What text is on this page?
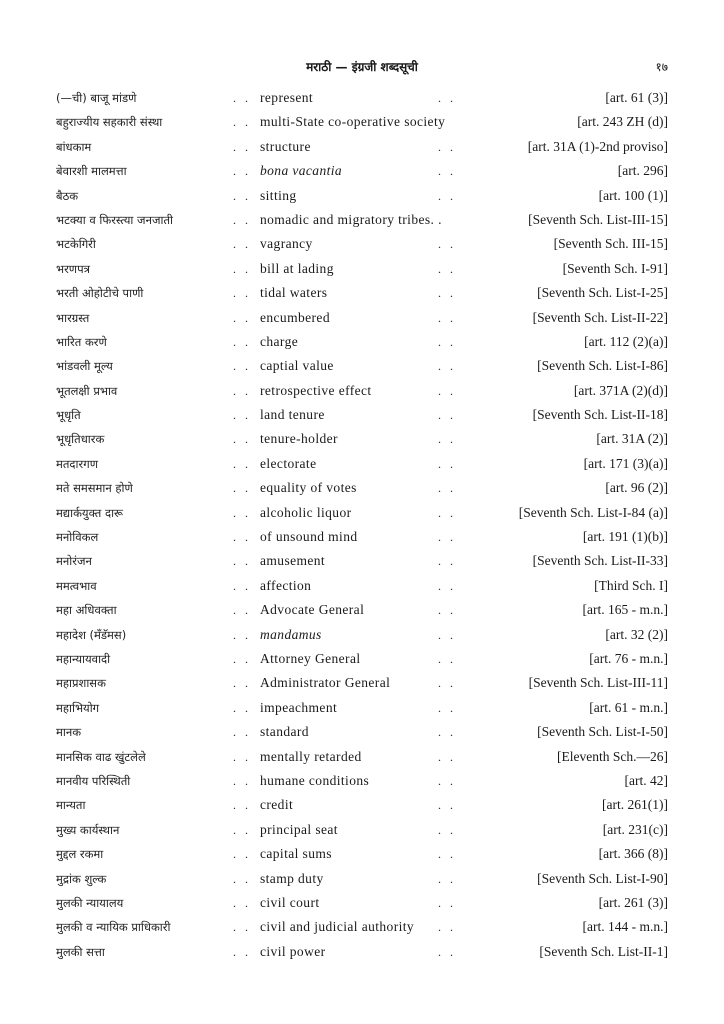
मराठी — इंग्रजी शब्दसूची	१७
(—ची) बाजू मांडणे	. . represent	. .	[art. 61 (3)]
बहुराज्यीय सहकारी संस्था	. . multi-State co-operative society	[art. 243 ZH (d)]
बांधकाम	. . structure	. .	[art. 31A (1)-2nd proviso]
बेवारशी मालमत्ता	. . bona vacantia	. .	[art. 296]
बैठक	. . sitting	. .	[art. 100 (1)]
भटक्या व फिरस्त्या जनजाती	. . nomadic and migratory tribes. .	[Seventh Sch. List-III-15]
भटकेगिरी	. . vagrancy	. .	[Seventh Sch. III-15]
भरणपत्र	. . bill at lading	. .	[Seventh Sch. I-91]
भरती ओहोटीचे पाणी	. . tidal waters	. .	[Seventh Sch. List-I-25]
भारग्रस्त	. . encumbered	. .	[Seventh Sch. List-II-22]
भारित करणे	. . charge	. .	[art. 112 (2)(a)]
भांडवली मूल्य	. . captial value	. .	[Seventh Sch. List-I-86]
भूतलक्षी प्रभाव	. . retrospective effect	. .	[art. 371A (2)(d)]
भूधृति	. . land tenure	. .	[Seventh Sch. List-II-18]
भूधृतिधारक	. . tenure-holder	. .	[art. 31A (2)]
मतदारगण	. . electorate	. .	[art. 171 (3)(a)]
मते समसमान होणे	. . equality of votes	. .	[art. 96 (2)]
मद्यार्कयुक्त दारू	. . alcoholic liquor	. .	[Seventh Sch. List-I-84 (a)]
मनोविकल	. . of unsound mind	. .	[art. 191 (1)(b)]
मनोरंजन	. . amusement	. .	[Seventh Sch. List-II-33]
ममत्वभाव	. . affection	. .	[Third Sch. I]
महा अधिवक्ता	. . Advocate General	. .	[art. 165 - m.n.]
महादेश (मँडॅमस)	. . mandamus	. .	[art. 32 (2)]
महान्यायवादी	. . Attorney General	. .	[art. 76 - m.n.]
महाप्रशासक	. . Administrator General	. .	[Seventh Sch. List-III-11]
महाभियोग	. . impeachment	. .	[art. 61 - m.n.]
मानक	. . standard	. .	[Seventh Sch. List-I-50]
मानसिक वाढ खुंटलेले	. . mentally retarded	. .	[Eleventh Sch.—26]
मानवीय परिस्थिती	. . humane conditions	. .	[art. 42]
मान्यता	. . credit	. .	[art. 261(1)]
मुख्य कार्यस्थान	. . principal seat	. .	[art. 231(c)]
मुद्दल रकमा	. . capital sums	. .	[art. 366 (8)]
मुद्रांक शुल्क	. . stamp duty	. .	[Seventh Sch. List-I-90]
मुलकी न्यायालय	. . civil court	. .	[art. 261 (3)]
मुलकी व न्यायिक प्राधिकारी	. . civil and judicial authority . .	[art. 144 - m.n.]
मुलकी सत्ता	. . civil power	. .	[Seventh Sch. List-II-1]
